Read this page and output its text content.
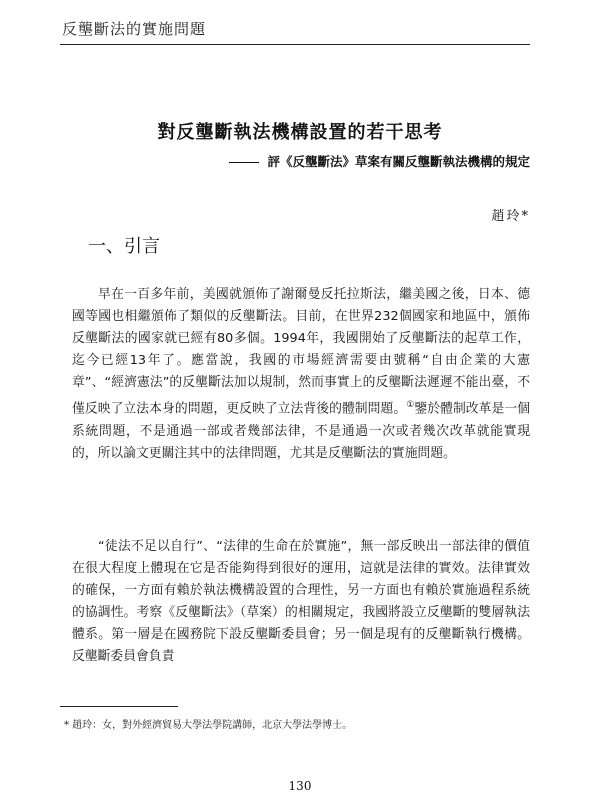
反壟斷法的實施問題
對反壟斷執法機構設置的若干思考
評《反壟斷法》草案有關反壟斷執法機構的規定
趙玲*
一、引言

早在一百多年前，美國就頒佈了謝爾曼反托拉斯法，繼美國之後，日本、德國等國也相繼頒佈了類似的反壟斷法。目前，在世界232個國家和地區中，頒佈反壟斷法的國家就已經有80多個。1994年，我國開始了反壟斷法的起草工作，迄今已經13年了。應當說，我國的市場經濟需要由號稱“自由企業的大憲章”、“經濟憲法”的反壟斷法加以規制，然而事實上的反壟斷法遲遲不能出臺，不僅反映了立法本身的問題，更反映了立法背後的體制問題。①鑒於體制改革是一個系統問題，不是通過一部或者幾部法律，不是通過一次或者幾次改革就能實現的，所以論文更關注其中的法律問題，尤其是反壟斷法的實施問題。

“徒法不足以自行”、“法律的生命在於實施”，無一部反映出一部法律的價值在很大程度上體現在它是否能夠得到很好的運用，這就是法律的實效。法律實效的確保，一方面有賴於執法機構設置的合理性，另一方面也有賴於實施過程系統的協調性。考察《反壟斷法》（草案）的相關規定，我國將設立反壟斷的雙層執法體系。第一層是在國務院下設反壟斷委員會；另一個是現有的反壟斷執行機構。反壟斷委員會負責

* 趙玲：女，對外經濟貿易大學法學院講師，北京大學法學博士。
130
